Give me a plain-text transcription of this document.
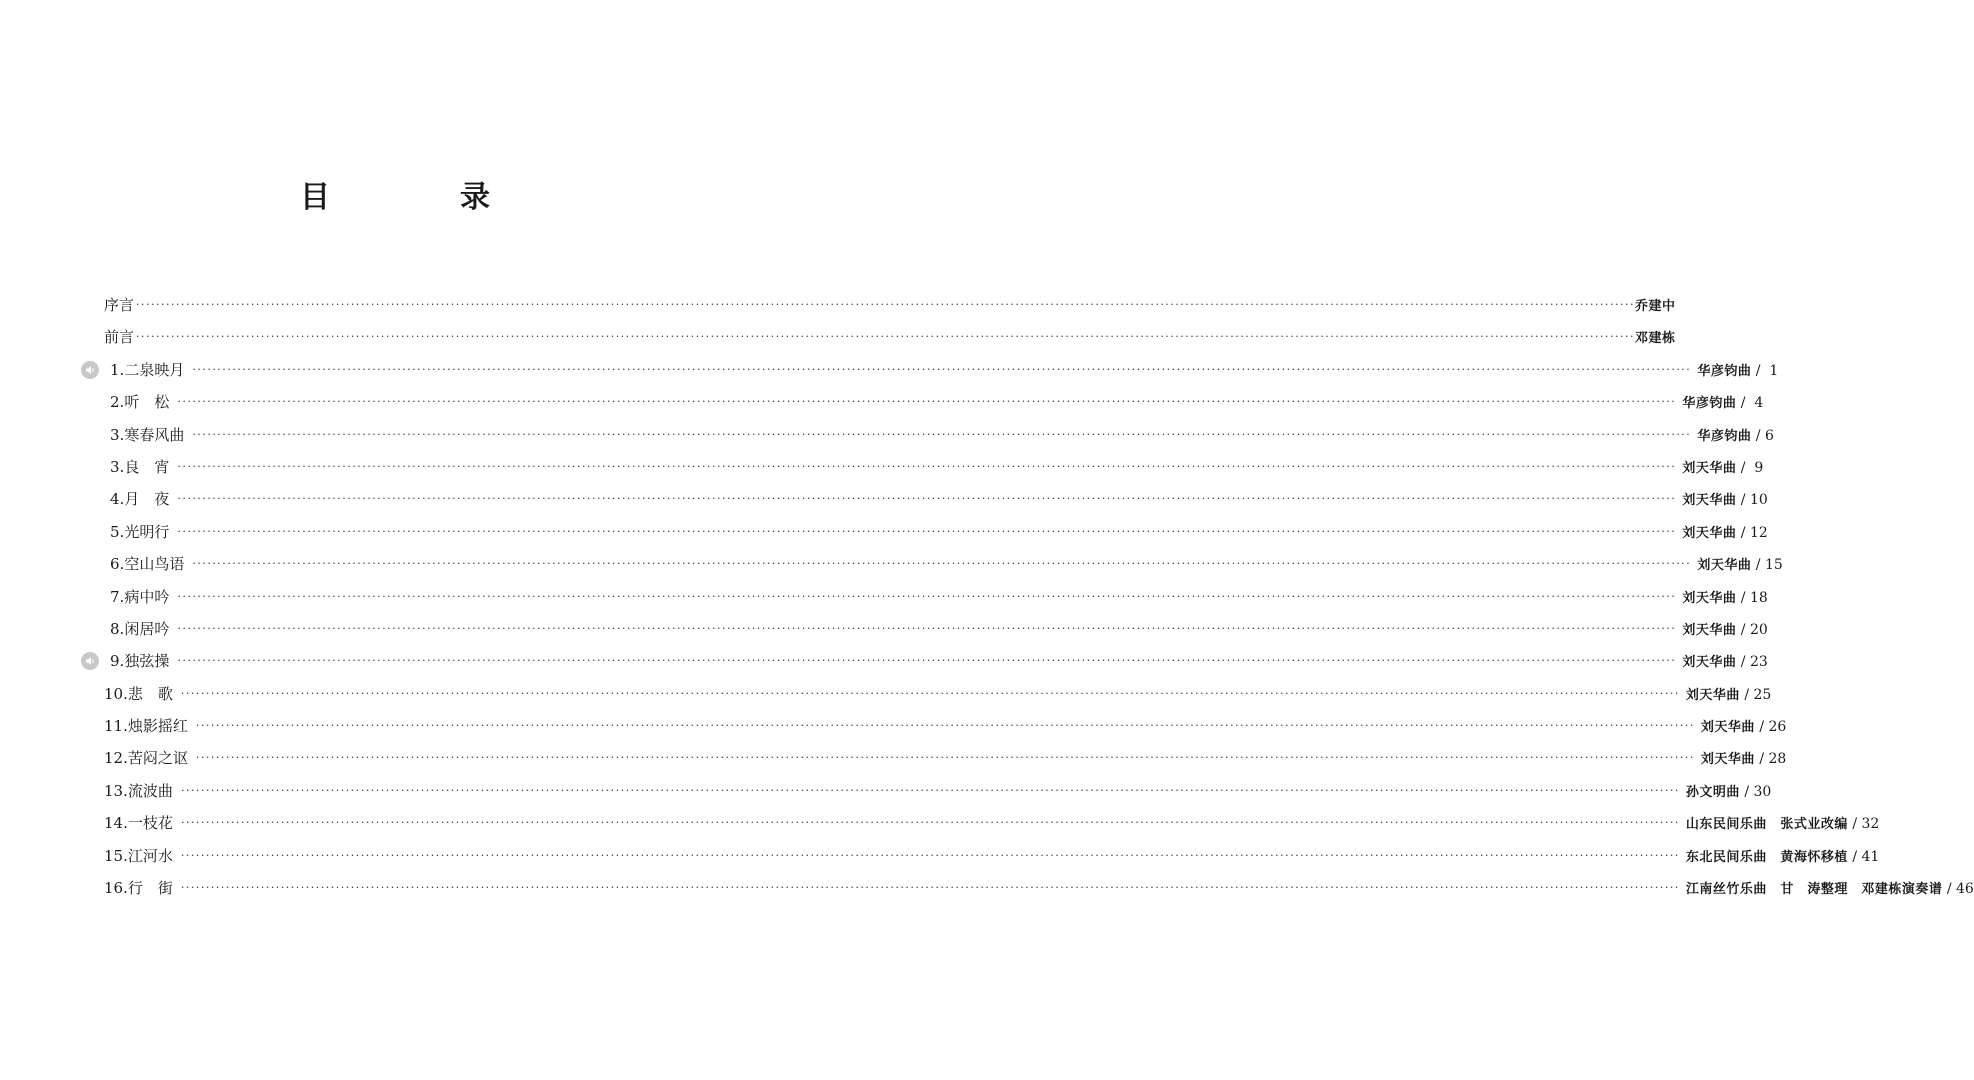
目　录
序言 ············································································································································································································································································································ 乔建中
前言 ············································································································································································································································································································ 邓建栋
1. 二泉映月 ············································································································································································································································································································ 华彦钧曲 /  1
2. 听　松 ············································································································································································································································································································ 华彦钧曲 /  4
3. 寒春风曲 ············································································································································································································································································································ 华彦钧曲 / 6
3. 良　宵 ············································································································································································································································································································ 刘天华曲 /  9
4. 月　夜 ············································································································································································································································································································ 刘天华曲 / 10
5. 光明行 ············································································································································································································································································································ 刘天华曲 / 12
6. 空山鸟语 ············································································································································································································································································································ 刘天华曲 / 15
7. 病中吟 ············································································································································································································································································································ 刘天华曲 / 18
8. 闲居吟 ············································································································································································································································································································ 刘天华曲 / 20
9. 独弦操 ············································································································································································································································································································ 刘天华曲 / 23
10. 悲　歌 ············································································································································································································································································································ 刘天华曲 / 25
11. 烛影摇红 ············································································································································································································································································································ 刘天华曲 / 26
12. 苦闷之讴 ············································································································································································································································································································ 刘天华曲 / 28
13. 流波曲 ············································································································································································································································································································ 孙文明曲 / 30
14. 一枝花 ············································································································································································································································································································ 山东民间乐曲　张式业改编 / 32
15. 江河水 ············································································································································································································································································································ 东北民间乐曲　黄海怀移植 / 41
16. 行　街 ············································································································································································································································································································ 江南丝竹乐曲　甘　涛整理　邓建栋演奏谱 / 46
